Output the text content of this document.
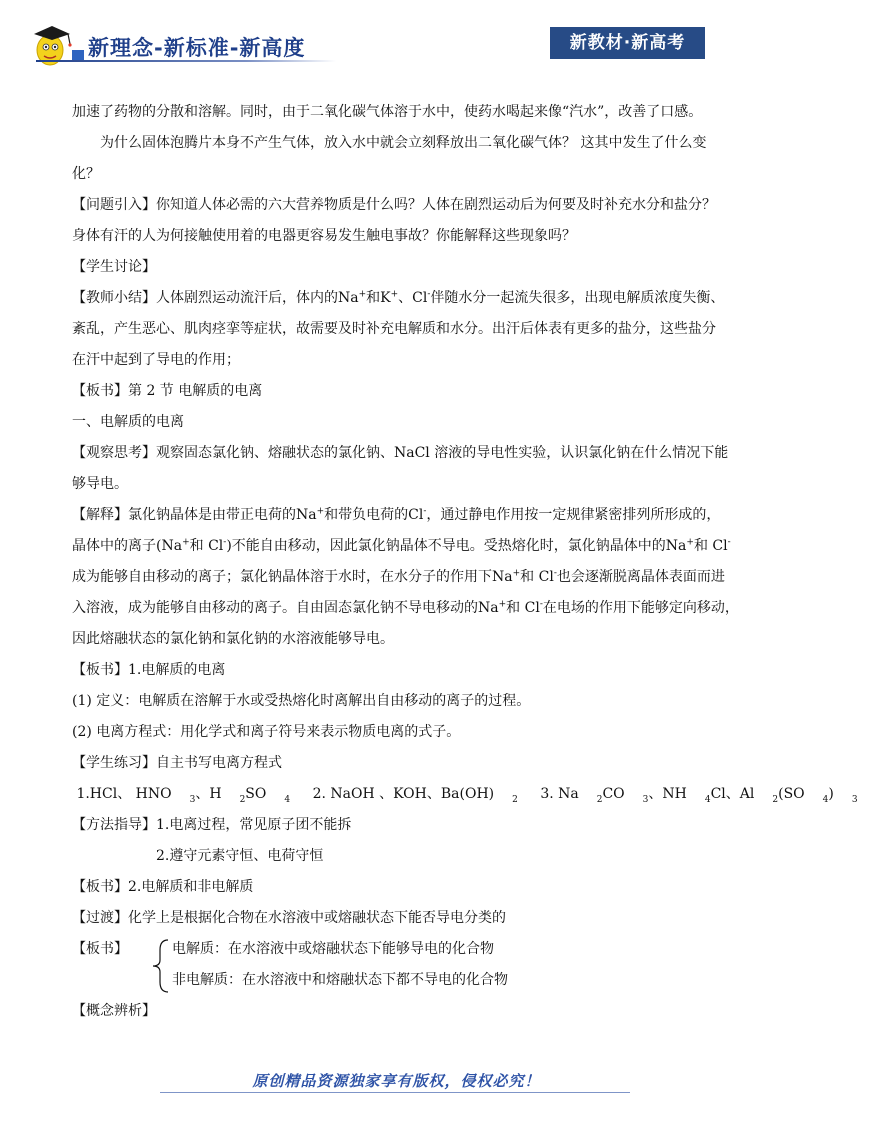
新理念-新标准-新高度	新教材·新高考
加速了药物的分散和溶解。同时，由于二氧化碳气体溶于水中，使药水喝起来像“汽水”，改善了口感。
为什么固体泡腾片本身不产生气体，放入水中就会立刻释放出二氧化碳气体？ 这其中发生了什么变
化？
【问题引入】你知道人体必需的六大营养物质是什么吗？人体在剧烈运动后为何要及时补充水分和盐分？
身体有汗的人为何接触使用着的电器更容易发生触电事故？你能解释这些现象吗？
【学生讨论】
【教师小结】人体剧烈运动流汗后，体内的Na+和K+、Cl-伴随水分一起流失很多，出现电解质浓度失衡、
紊乱，产生恶心、肌肉痉挛等症状，故需要及时补充电解质和水分。出汗后体表有更多的盐分，这些盐分
在汗中起到了导电的作用；
【板书】第 2 节 电解质的电离
一、电解质的电离
【观察思考】观察固态氯化钠、熔融状态的氯化钠、NaCl 溶液的导电性实验，认识氯化钠在什么情况下能
够导电。
【解释】氯化钠晶体是由带正电荷的Na+和带负电荷的Cl-，通过静电作用按一定规律紧密排列所形成的，
晶体中的离子(Na+和 Cl-)不能自由移动，因此氯化钠晶体不导电。受热熔化时，氯化钠晶体中的Na+和 Cl-
成为能够自由移动的离子；氯化钠晶体溶于水时，在水分子的作用下Na+和 Cl-也会逐渐脱离晶体表面而进
入溶液，成为能够自由移动的离子。自由固态氯化钠不导电移动的Na+和 Cl-在电场的作用下能够定向移动，
因此熔融状态的氯化钠和氯化钠的水溶液能够导电。
【板书】1.电解质的电离
(1) 定义：电解质在溶解于水或受热熔化时离解出自由移动的离子的过程。
(2) 电离方程式：用化学式和离子符号来表示物质电离的式子。
【学生练习】自主书写电离方程式
1.HCl、 HNO $_3$、H $_2$SO $_4$ 2. NaOH 、KOH、Ba(OH) $_2$ 3. Na $_2$CO $_3$、NH $_4$Cl、Al $_2$(SO $_4$) $_3$
【方法指导】1.电离过程，常见原子团不能拆
2.遵守元素守恒、电荷守恒
【板书】2.电解质和非电解质
【过渡】化学上是根据化合物在水溶液中或熔融状态下能否导电分类的
【板书】	电解质：在水溶液中或熔融状态下能够导电的化合物
非电解质：在水溶液中和熔融状态下都不导电的化合物
【概念辨析】
原创精品资源独家享有版权，侵权必究！
